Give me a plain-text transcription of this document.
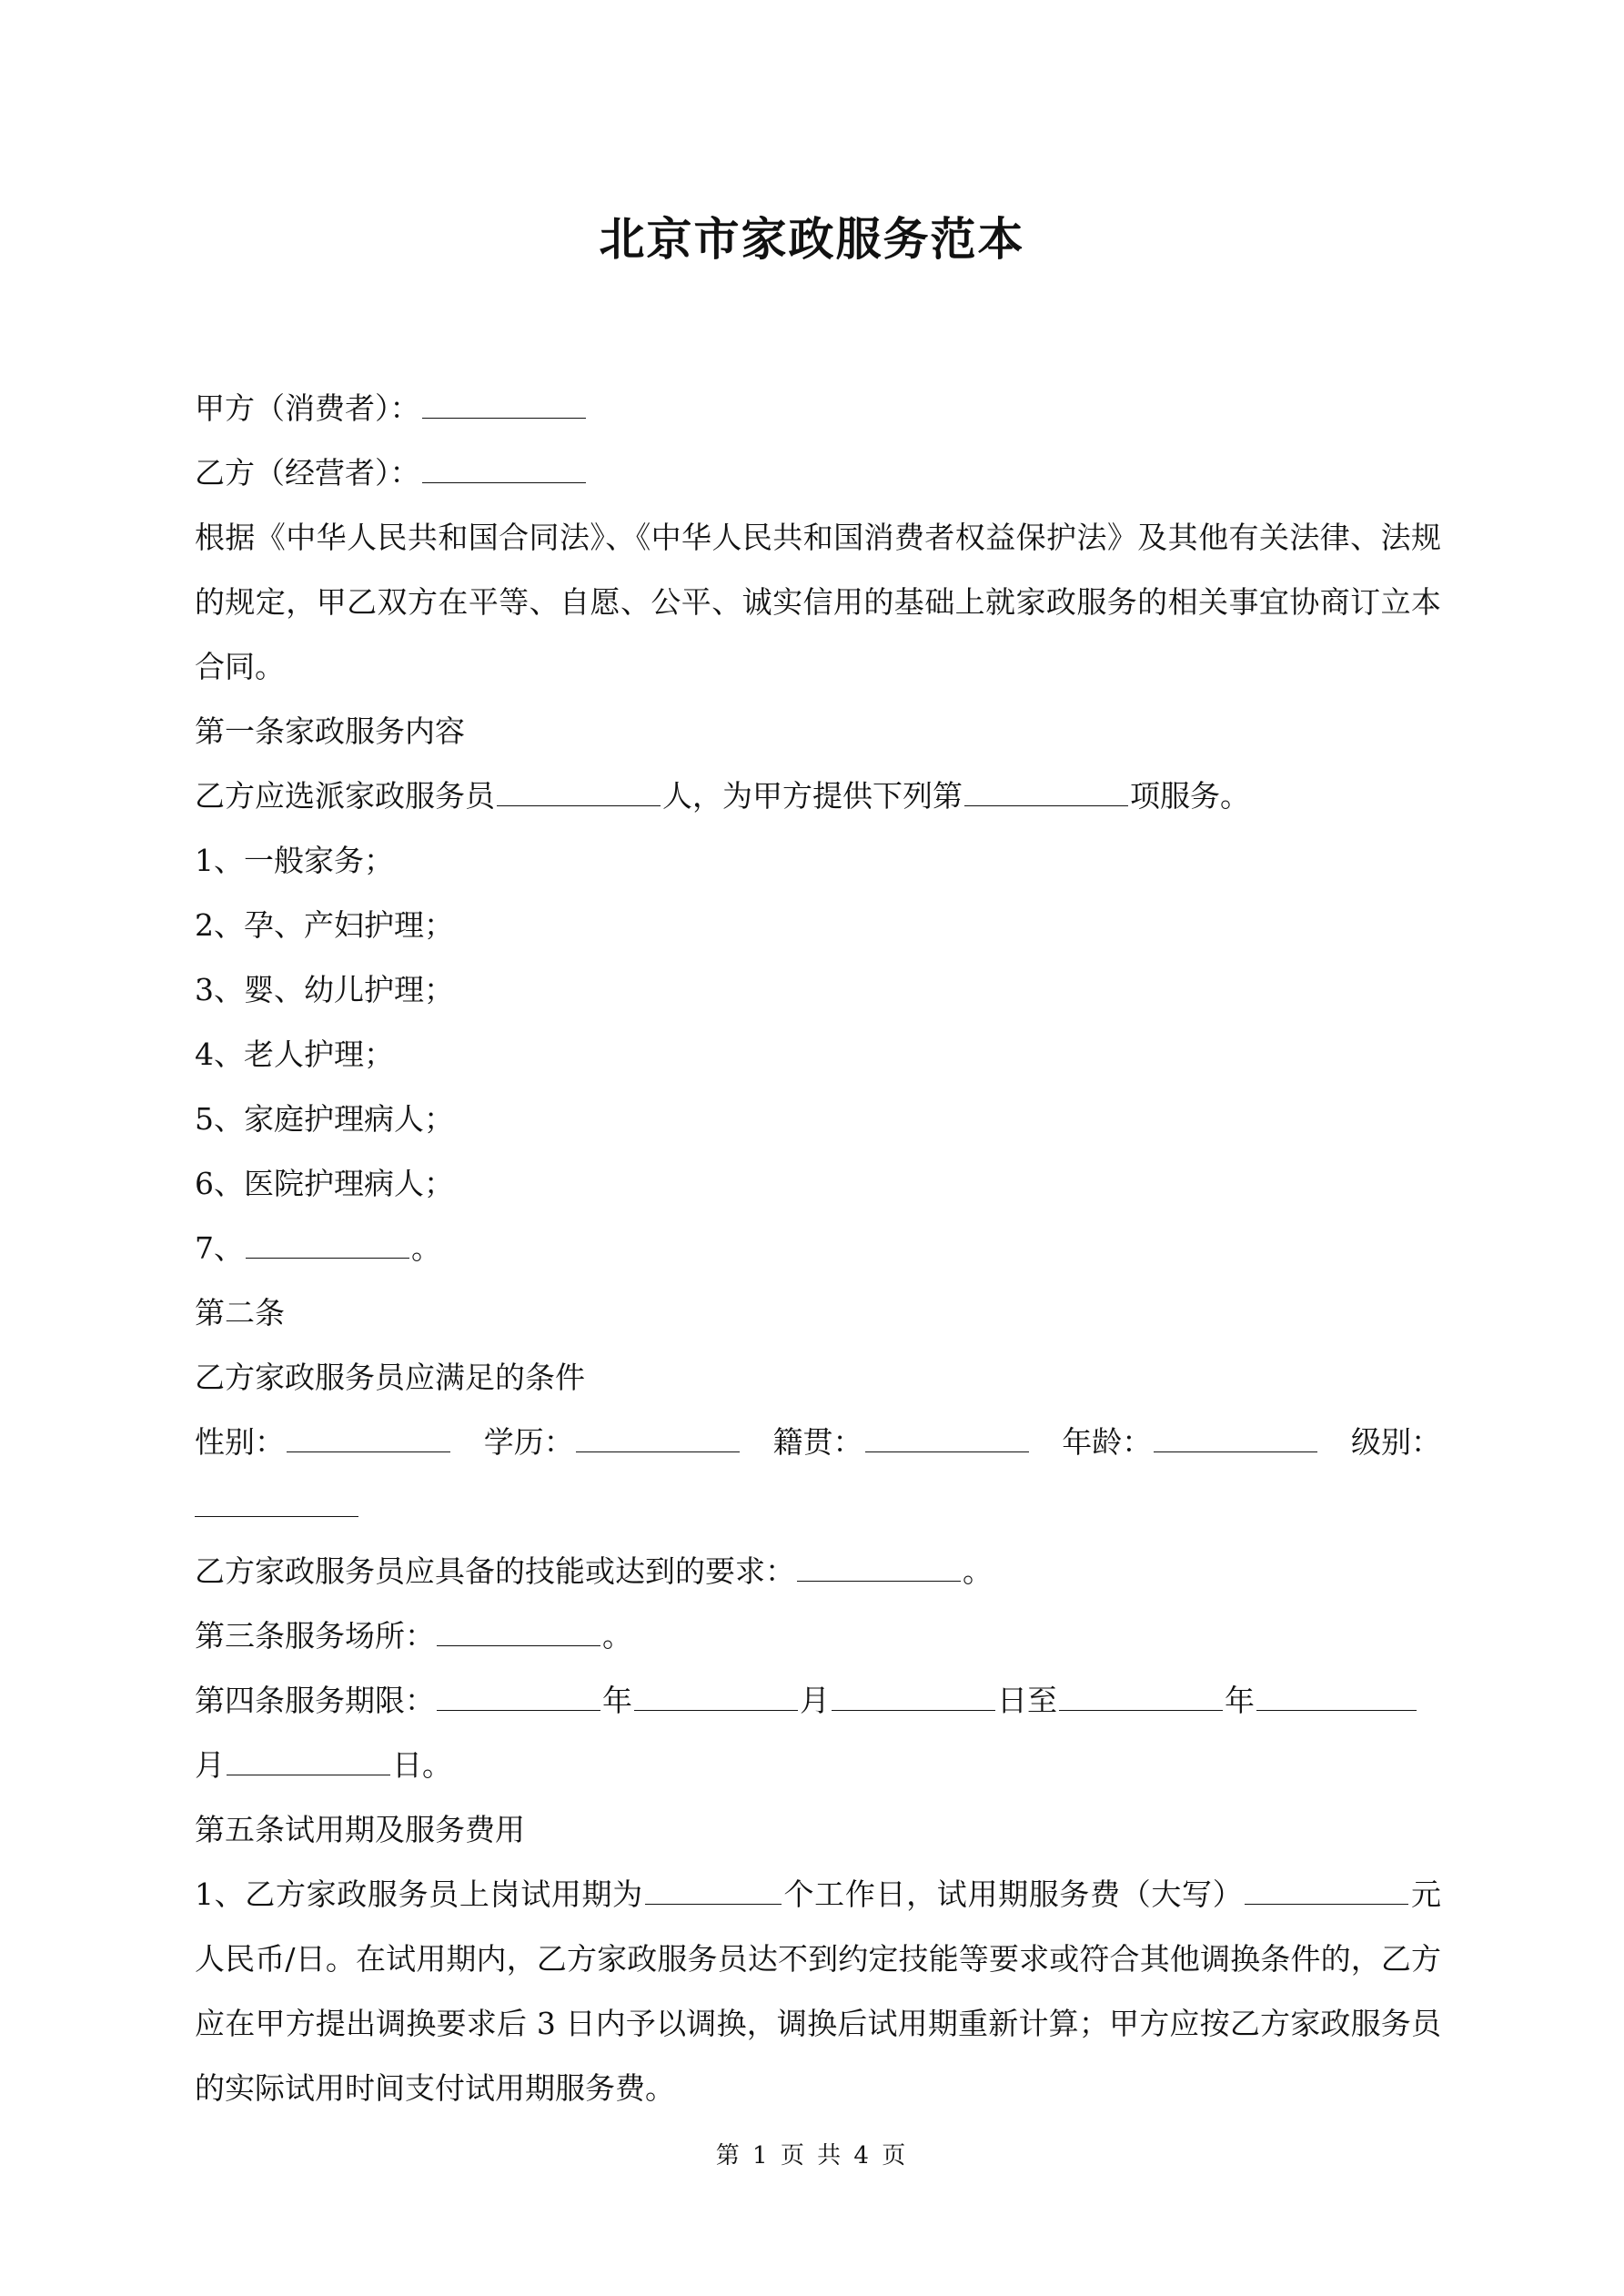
北京市家政服务范本
甲方（消费者）：
乙方（经营者）：
根据《中华人民共和国合同法》、《中华人民共和国消费者权益保护法》及其他有关法律、法规的规定，甲乙双方在平等、自愿、公平、诚实信用的基础上就家政服务的相关事宜协商订立本合同。
第一条家政服务内容
乙方应选派家政服务员	人，为甲方提供下列第	项服务。
1、一般家务；
2、孕、产妇护理；
3、婴、幼儿护理；
4、老人护理；
5、家庭护理病人；
6、医院护理病人；
7、	。
第二条
乙方家政服务员应满足的条件
性别：	学历：	籍贯：	年龄：	级别：
乙方家政服务员应具备的技能或达到的要求：	。
第三条服务场所：	。
第四条服务期限：	年	月	日至	年
月	日。
第五条试用期及服务费用
1、乙方家政服务员上岗试用期为	个工作日，试用期服务费（大写）	元人民币/日。在试用期内，乙方家政服务员达不到约定技能等要求或符合其他调换条件的，乙方应在甲方提出调换要求后 3 日内予以调换，调换后试用期重新计算；甲方应按乙方家政服务员的实际试用时间支付试用期服务费。
第 1 页 共 4 页
